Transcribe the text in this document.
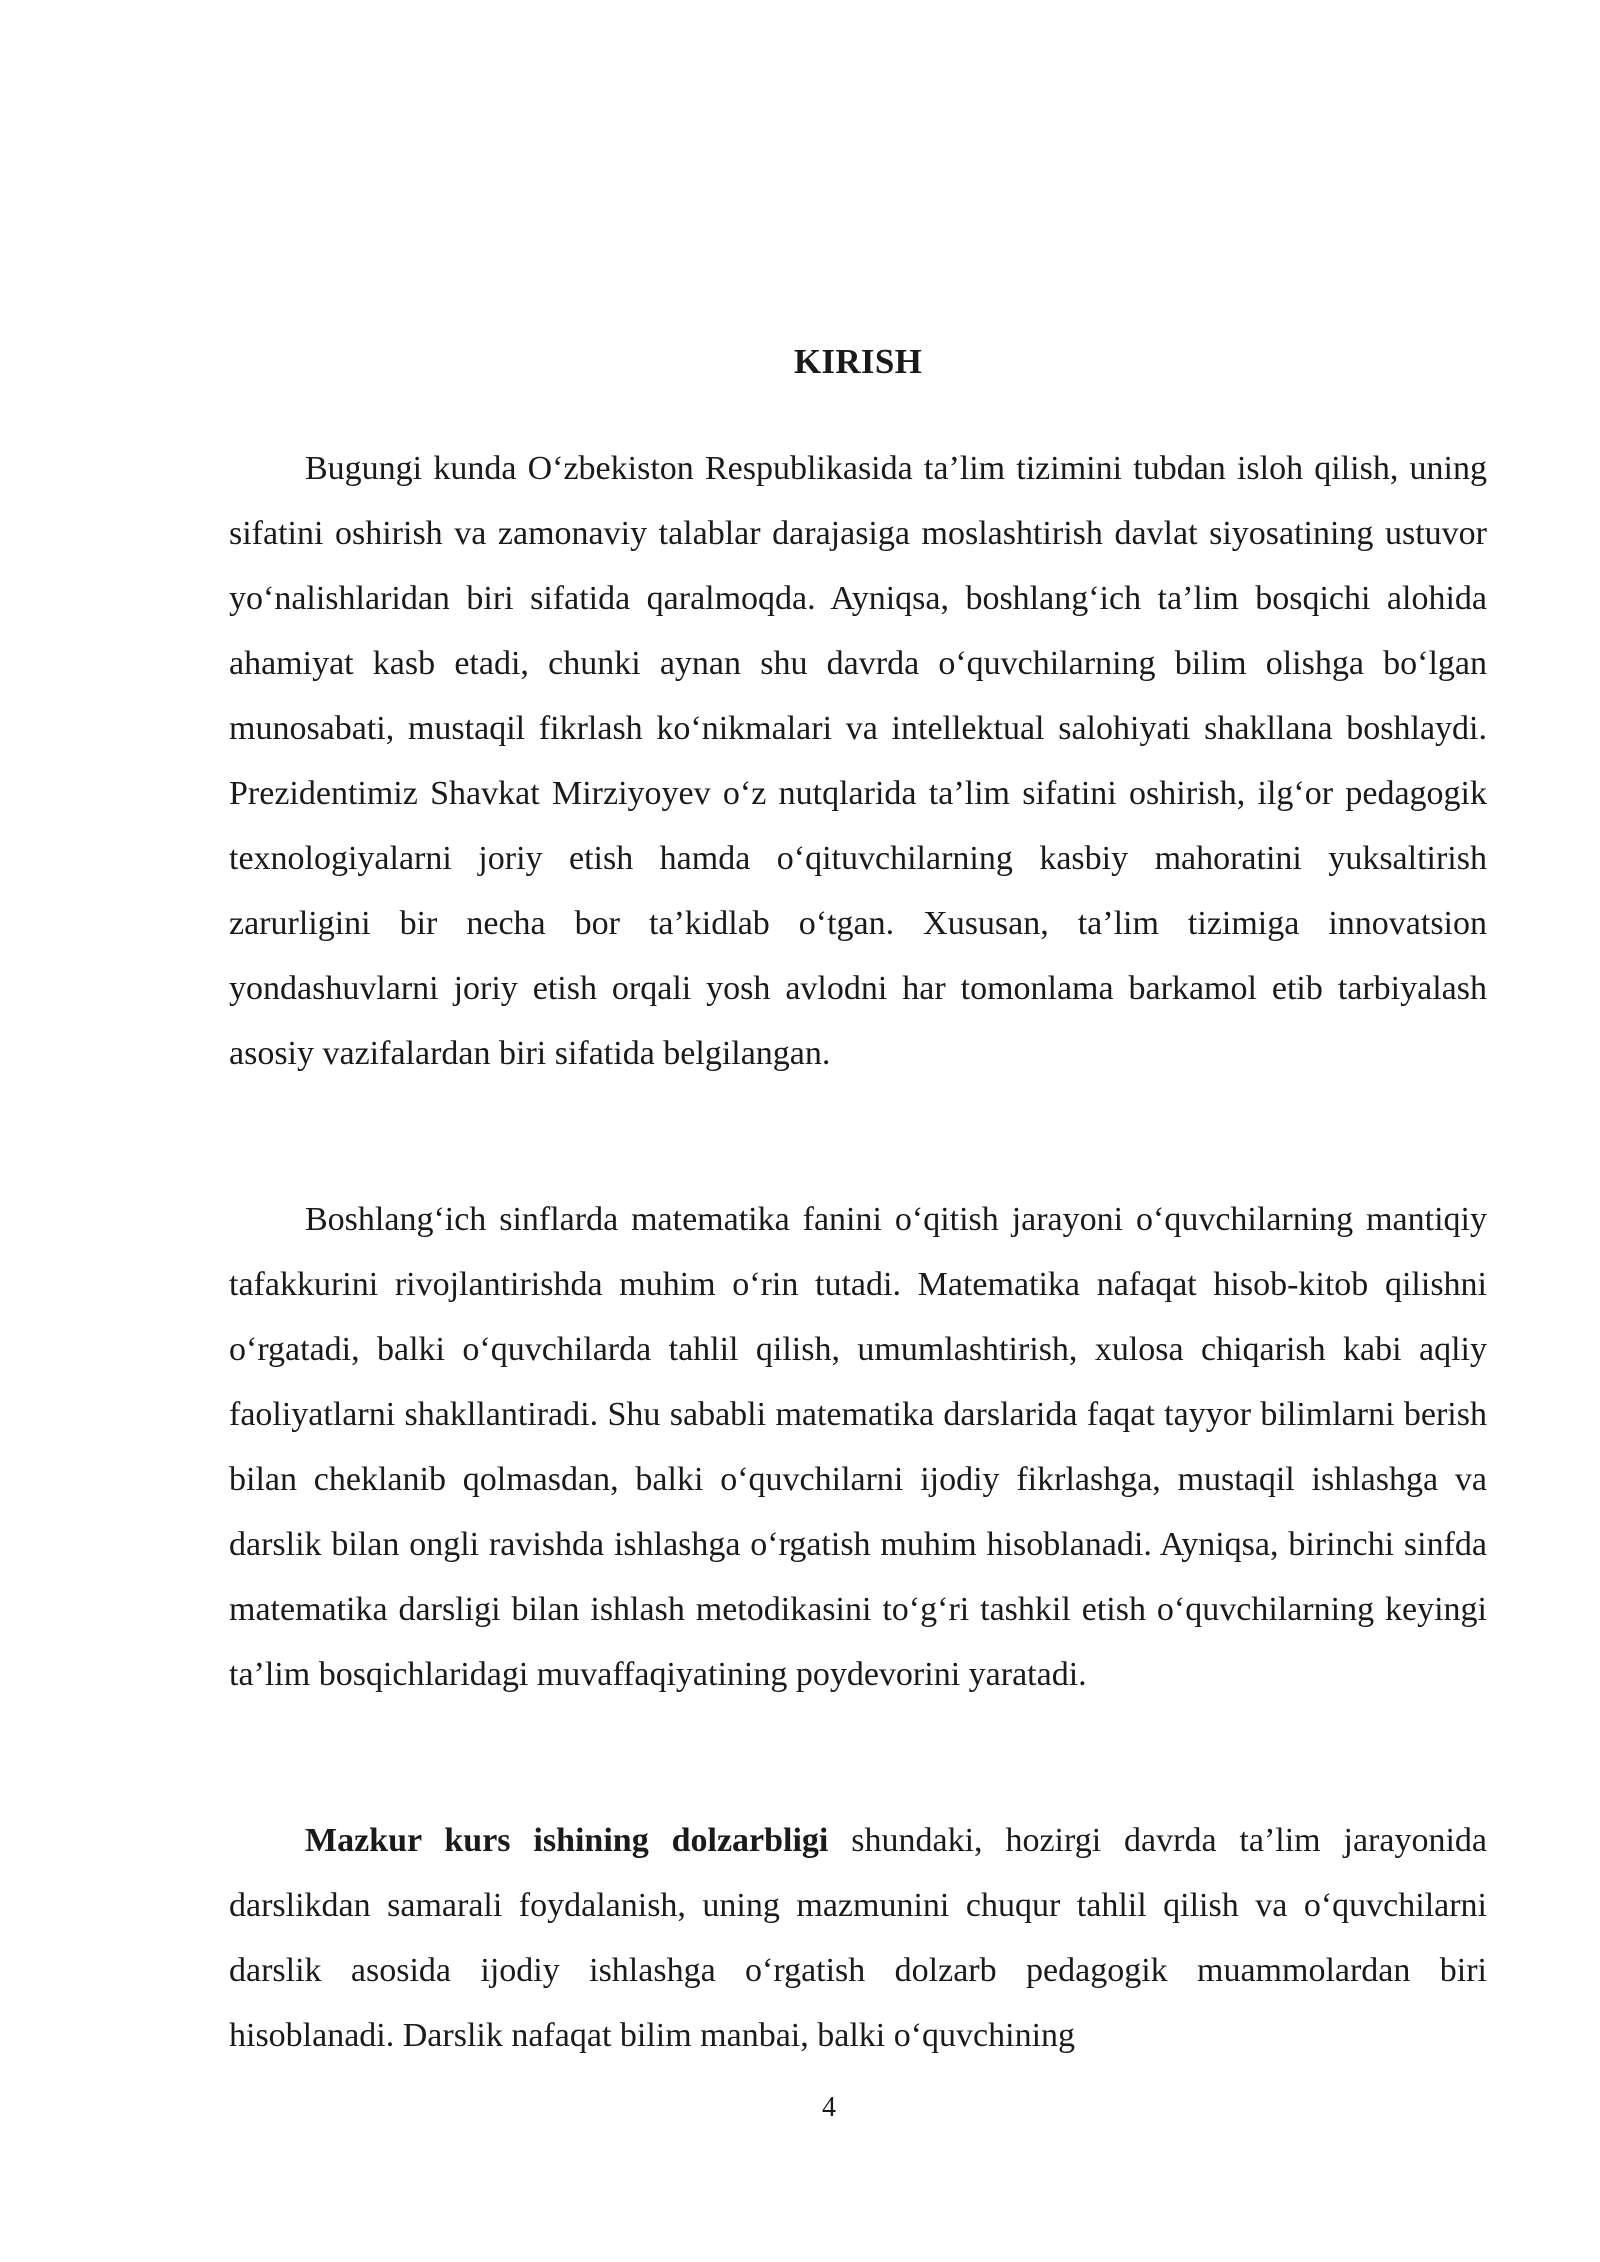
KIRISH

Bugungi kunda O‘zbekiston Respublikasida ta’lim tizimini tubdan isloh qilish, uning sifatini oshirish va zamonaviy talablar darajasiga moslashtirish davlat siyosatining ustuvor yo‘nalishlaridan biri sifatida qaralmoqda. Ayniqsa, boshlang‘ich ta’lim bosqichi alohida ahamiyat kasb etadi, chunki aynan shu davrda o‘quvchilarning bilim olishga bo‘lgan munosabati, mustaqil fikrlash ko‘nikmalari va intellektual salohiyati shakllana boshlaydi. Prezidentimiz Shavkat Mirziyoyev o‘z nutqlarida ta’lim sifatini oshirish, ilg‘or pedagogik texnologiyalarni joriy etish hamda o‘qituvchilarning kasbiy mahoratini yuksaltirish zarurligini bir necha bor ta’kidlab o‘tgan. Xususan, ta’lim tizimiga innovatsion yondashuvlarni joriy etish orqali yosh avlodni har tomonlama barkamol etib tarbiyalash asosiy vazifalardan biri sifatida belgilangan.

Boshlang‘ich sinflarda matematika fanini o‘qitish jarayoni o‘quvchilarning mantiqiy tafakkurini rivojlantirishda muhim o‘rin tutadi. Matematika nafaqat hisob-kitob qilishni o‘rgatadi, balki o‘quvchilarda tahlil qilish, umumlashtirish, xulosa chiqarish kabi aqliy faoliyatlarni shakllantiradi. Shu sababli matematika darslarida faqat tayyor bilimlarni berish bilan cheklanib qolmasdan, balki o‘quvchilarni ijodiy fikrlashga, mustaqil ishlashga va darslik bilan ongli ravishda ishlashga o‘rgatish muhim hisoblanadi. Ayniqsa, birinchi sinfda matematika darsligi bilan ishlash metodikasini to‘g‘ri tashkil etish o‘quvchilarning keyingi ta’lim bosqichlaridagi muvaffaqiyatining poydevorini yaratadi.

Mazkur kurs ishining dolzarbligi shundaki, hozirgi davrda ta’lim jarayonida darslikdan samarali foydalanish, uning mazmunini chuqur tahlil qilish va o‘quvchilarni darslik asosida ijodiy ishlashga o‘rgatish dolzarb pedagogik muammolardan biri hisoblanadi. Darslik nafaqat bilim manbai, balki o‘quvchining

4
